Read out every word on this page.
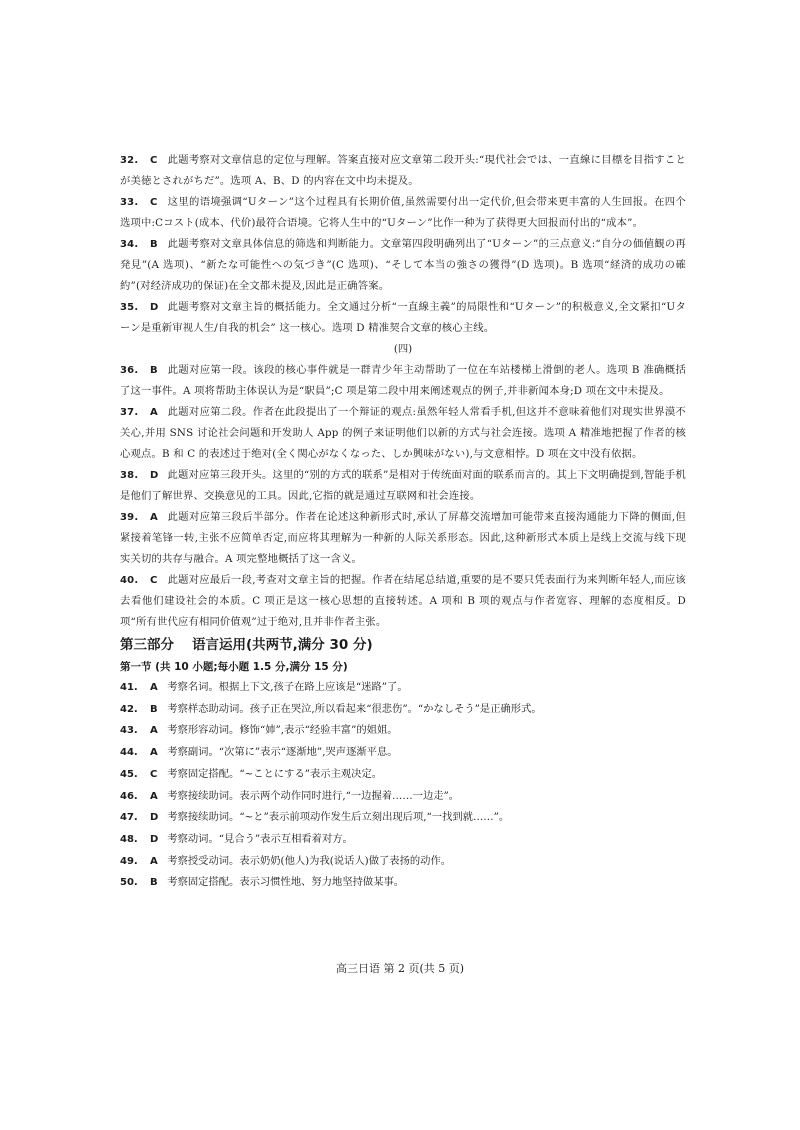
32. C 此题考察对文章信息的定位与理解。答案直接对应文章第二段开头:“現代社会では、一直線に目標を目指すことが美徳とされがちだ”。选项 A、B、D 的内容在文中均未提及。

33. C 这里的语境强调“Uターン”这个过程具有长期价值,虽然需要付出一定代价,但会带来更丰富的人生回报。在四个选项中:Cコスト(成本、代价)最符合语境。它将人生中的“Uターン”比作一种为了获得更大回报而付出的“成本”。

34. B 此题考察对文章具体信息的筛选和判断能力。文章第四段明确列出了“Uターン”的三点意义:“自分の価値観の再発見”(A 选项)、“新たな可能性への気づき”(C 选项)、“そして本当の強さの獲得”(D 选项)。B 选项“経済的成功の確約”(对经济成功的保证)在全文都未提及,因此是正确答案。

35. D 此题考察对文章主旨的概括能力。全文通过分析“一直線主義”的局限性和“Uターン”的积极意义,全文紧扣“Uターン是重新审视人生/自我的机会” 这一核心。选项 D 精准契合文章的核心主线。

(四)

36. B 此题对应第一段。该段的核心事件就是一群青少年主动帮助了一位在车站楼梯上滑倒的老人。选项 B 准确概括了这一事件。A 项将帮助主体误认为是“駅員”;C 项是第二段中用来阐述观点的例子,并非新闻本身;D 项在文中未提及。

37. A 此题对应第二段。作者在此段提出了一个辩证的观点:虽然年轻人常看手机,但这并不意味着他们对现实世界漠不关心,并用 SNS 讨论社会问题和开发助人 App 的例子来证明他们以新的方式与社会连接。选项 A 精准地把握了作者的核心观点。B 和 C 的表述过于绝对(全く関心がなくなった、しか興味がない),与文意相悖。D 项在文中没有依据。

38. D 此题对应第三段开头。这里的“别的方式的联系”是相对于传统面对面的联系而言的。其上下文明确提到,智能手机是他们了解世界、交换意见的工具。因此,它指的就是通过互联网和社会连接。

39. A 此题对应第三段后半部分。作者在论述这种新形式时,承认了屏幕交流增加可能带来直接沟通能力下降的侧面,但紧接着笔锋一转,主张不应简单否定,而应将其理解为一种新的人际关系形态。因此,这种新形式本质上是线上交流与线下现实关切的共存与融合。A 项完整地概括了这一含义。

40. C 此题对应最后一段,考查对文章主旨的把握。作者在结尾总结道,重要的是不要只凭表面行为来判断年轻人,而应该去看他们建设社会的本质。C 项正是这一核心思想的直接转述。A 项和 B 项的观点与作者宽容、理解的态度相反。D 项“所有世代应有相同价值观”过于绝对,且并非作者主张。

第三部分 语言运用(共两节,满分 30 分)

第一节 (共 10 小题;每小题 1.5 分,满分 15 分)

41. A 考察名词。根据上下文,孩子在路上应该是“迷路”了。

42. B 考察样态助动词。孩子正在哭泣,所以看起来“很悲伤”。“かなしそう”是正确形式。

43. A 考察形容动词。修饰“姉”,表示“经验丰富”的姐姐。

44. A 考察副词。“次第に”表示“逐渐地”,哭声逐渐平息。

45. C 考察固定搭配。“~ことにする”表示主观决定。

46. A 考察接续助词。表示两个动作同时进行,“一边握着……一边走”。

47. D 考察接续助词。“~と”表示前项动作发生后立刻出现后项,“一找到就……”。

48. D 考察动词。“見合う”表示互相看着对方。

49. A 考察授受动词。表示奶奶(他人)为我(说话人)做了表扬的动作。

50. B 考察固定搭配。表示习惯性地、努力地坚持做某事。

高三日语 第 2 页(共 5 页)
